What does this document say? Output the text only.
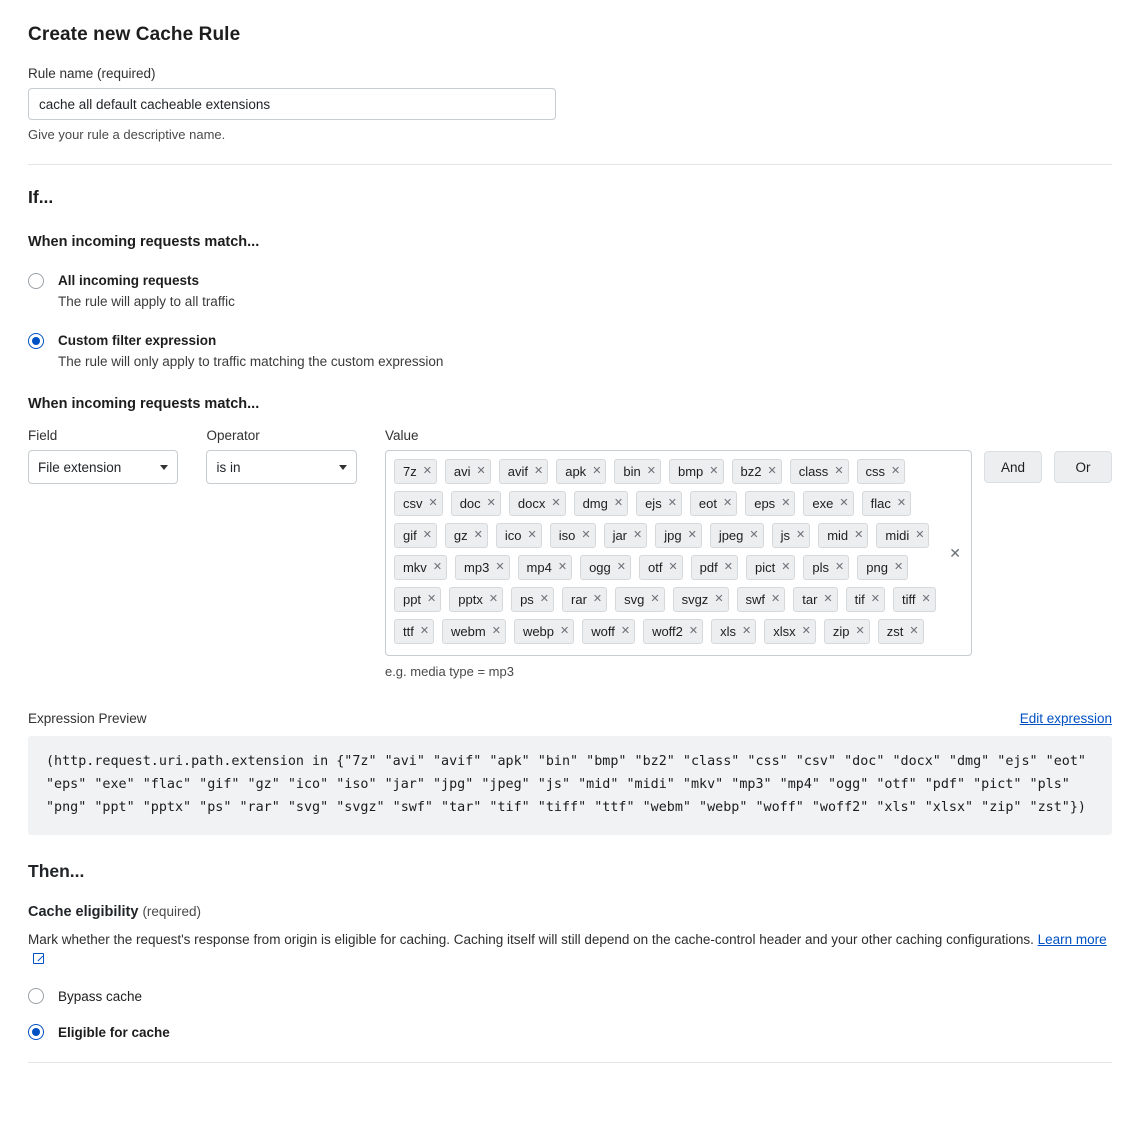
Create new Cache Rule
Rule name (required)
cache all default cacheable extensions
Give your rule a descriptive name.
If...
When incoming requests match...
All incoming requests
The rule will apply to all traffic
Custom filter expression
The rule will only apply to traffic matching the custom expression
When incoming requests match...
Field
File extension
Operator
is in
Value
7z ✕ avi ✕ avif ✕ apk ✕ bin ✕ bmp ✕ bz2 ✕ class ✕ css ✕
csv ✕ doc ✕ docx ✕ dmg ✕ ejs ✕ eot ✕ eps ✕ exe ✕ flac ✕
gif ✕ gz ✕ ico ✕ iso ✕ jar ✕ jpg ✕ jpeg ✕ js ✕ mid ✕ midi ✕
mkv ✕ mp3 ✕ mp4 ✕ ogg ✕ otf ✕ pdf ✕ pict ✕ pls ✕ png ✕
ppt ✕ pptx ✕ ps ✕ rar ✕ svg ✕ svgz ✕ swf ✕ tar ✕ tif ✕ tiff ✕
ttf ✕ webm ✕ webp ✕ woff ✕ woff2 ✕ xls ✕ xlsx ✕ zip ✕ zst ✕
✕
e.g. media type = mp3
And	Or
Expression Preview	Edit expression
(http.request.uri.path.extension in {"7z" "avi" "avif" "apk" "bin" "bmp" "bz2" "class" "css" "csv" "doc" "docx" "dmg" "ejs" "eot" "eps" "exe" "flac" "gif" "gz" "ico" "iso" "jar" "jpg" "jpeg" "js" "mid" "midi" "mkv" "mp3" "mp4" "ogg" "otf" "pdf" "pict" "pls" "png" "ppt" "pptx" "ps" "rar" "svg" "svgz" "swf" "tar" "tif" "tiff" "ttf" "webm" "webp" "woff" "woff2" "xls" "xlsx" "zip" "zst"})
Then...
Cache eligibility (required)
Mark whether the request's response from origin is eligible for caching. Caching itself will still depend on the cache-control header and your other caching configurations. Learn more
Bypass cache
Eligible for cache
